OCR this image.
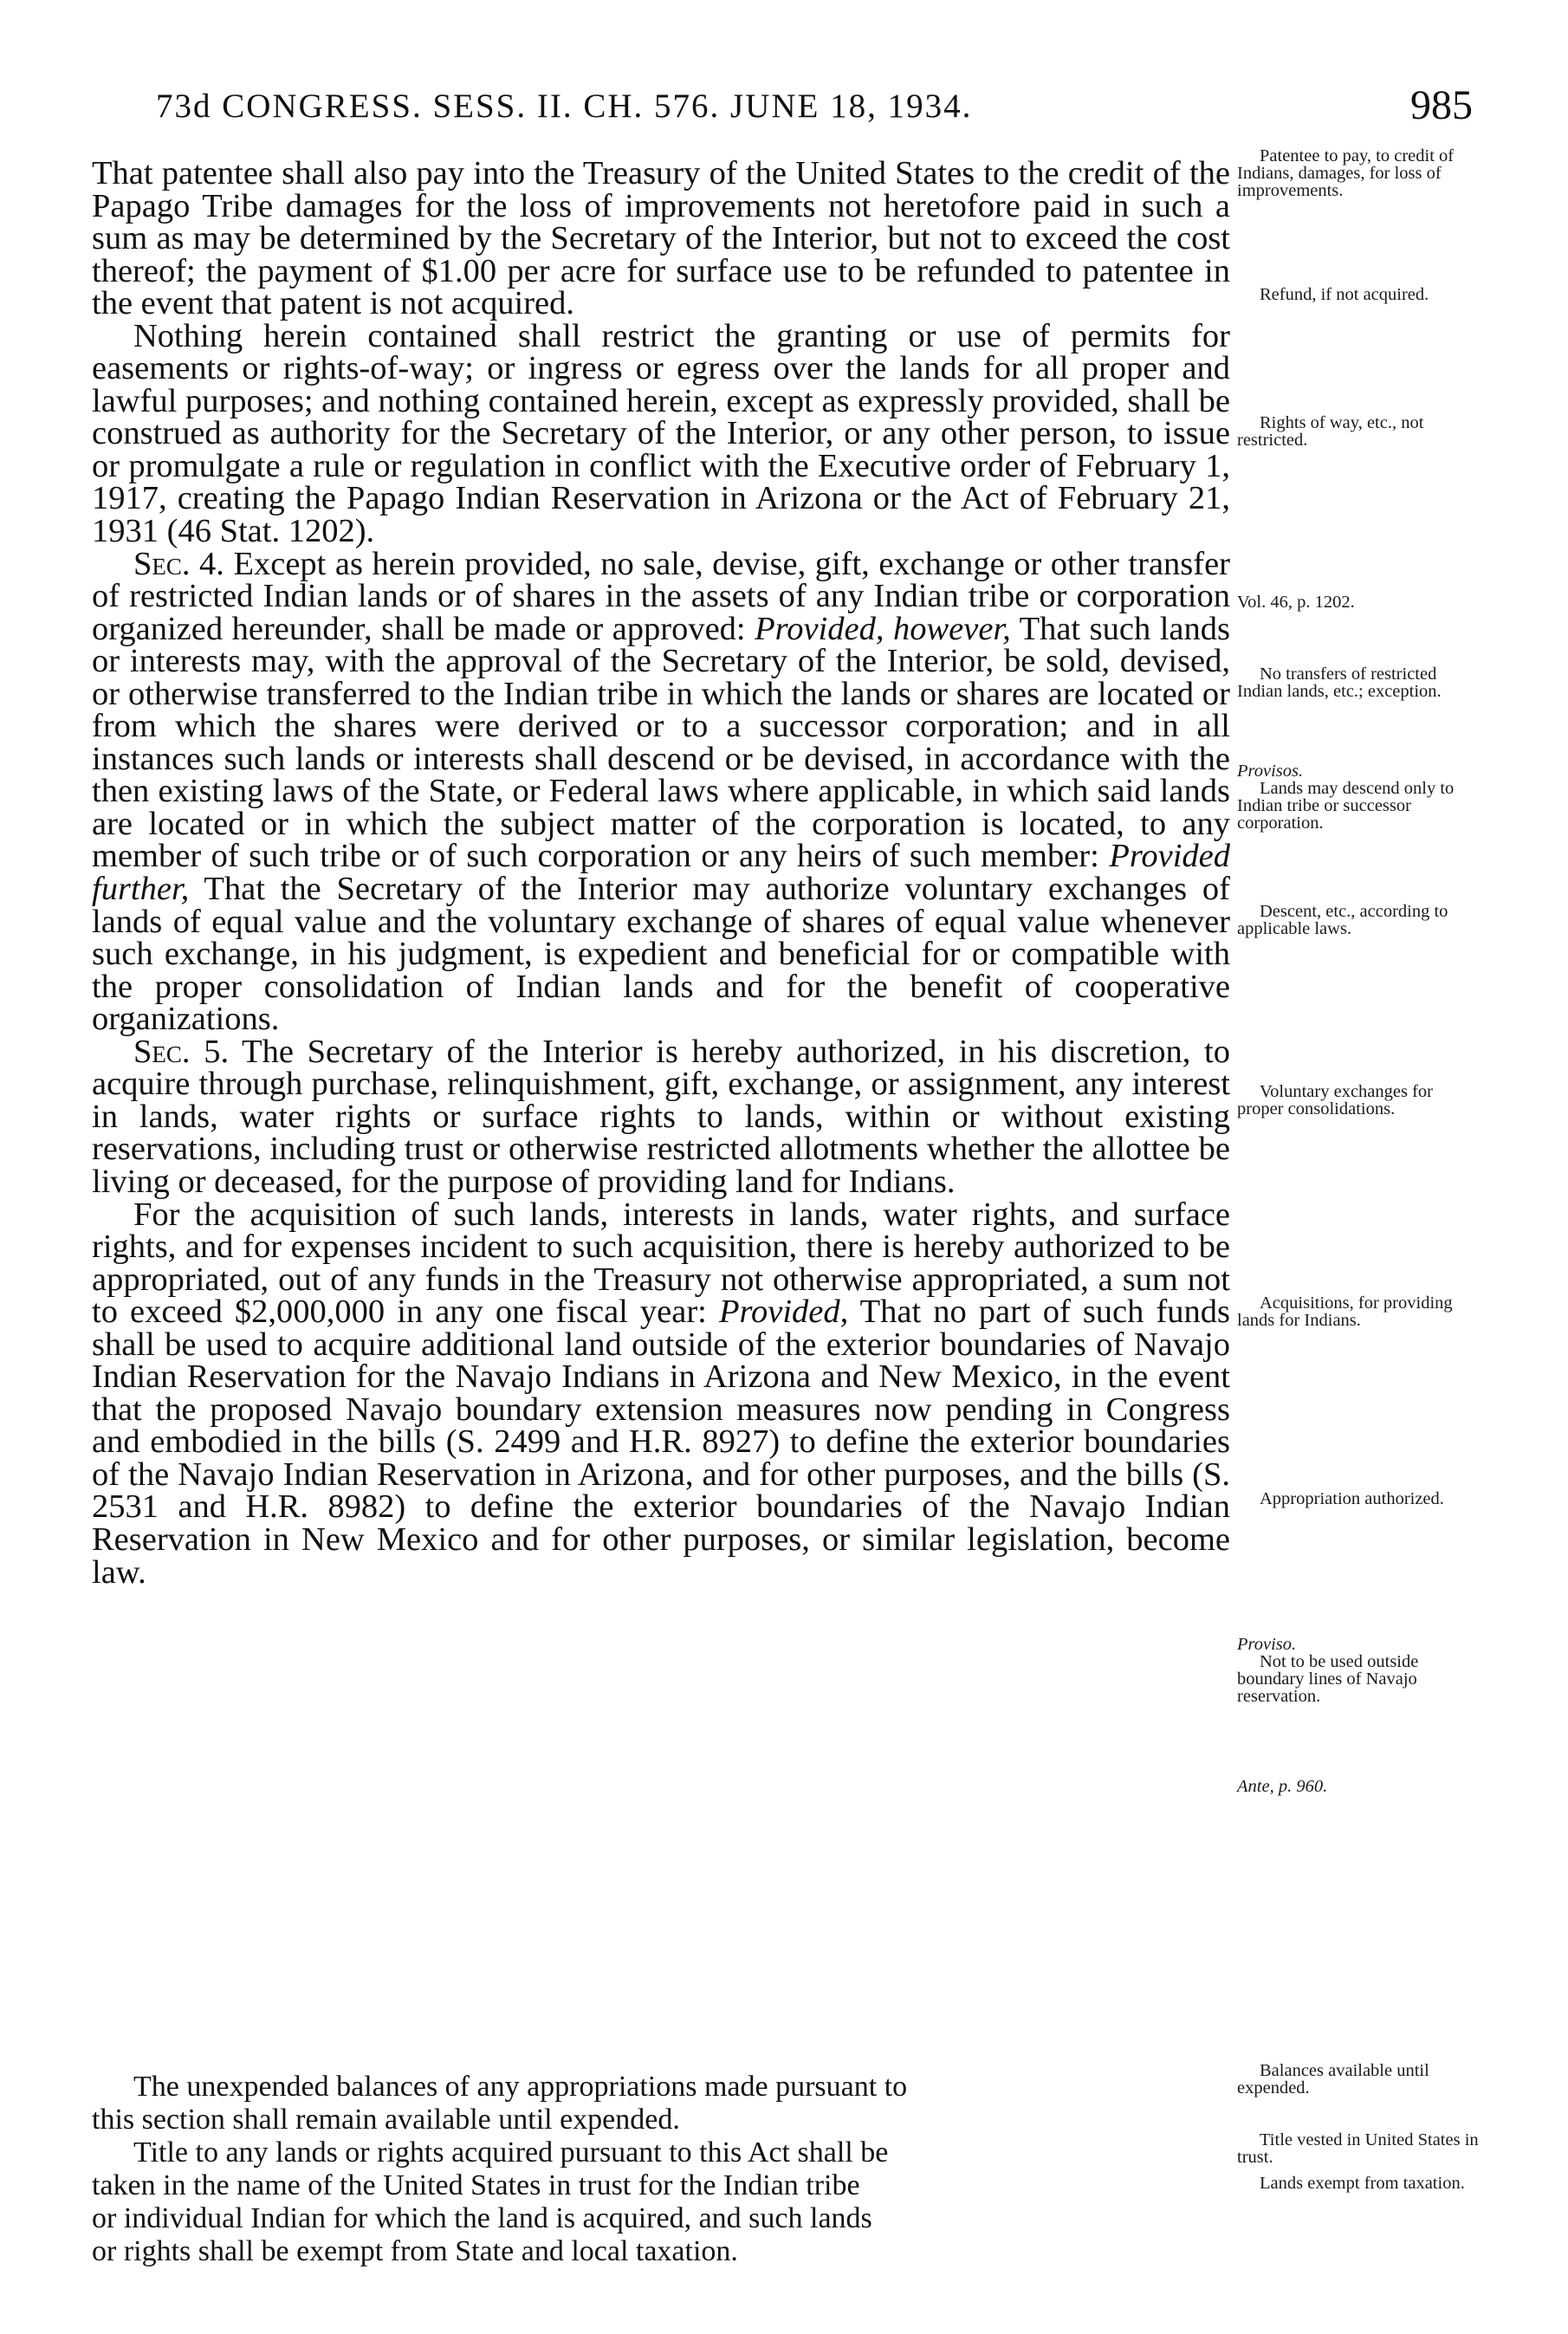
73d CONGRESS. SESS. II. CH. 576. JUNE 18, 1934.	985

That patentee shall also pay into the Treasury of the United States to the credit of the Papago Tribe damages for the loss of improvements not heretofore paid in such a sum as may be determined by the Secretary of the Interior, but not to exceed the cost thereof; the payment of $1.00 per acre for surface use to be refunded to patentee in the event that patent is not acquired.

Nothing herein contained shall restrict the granting or use of permits for easements or rights-of-way; or ingress or egress over the lands for all proper and lawful purposes; and nothing contained herein, except as expressly provided, shall be construed as authority for the Secretary of the Interior, or any other person, to issue or promulgate a rule or regulation in conflict with the Executive order of February 1, 1917, creating the Papago Indian Reservation in Arizona or the Act of February 21, 1931 (46 Stat. 1202).

Sec. 4. Except as herein provided, no sale, devise, gift, exchange or other transfer of restricted Indian lands or of shares in the assets of any Indian tribe or corporation organized hereunder, shall be made or approved: Provided, however, That such lands or interests may, with the approval of the Secretary of the Interior, be sold, devised, or otherwise transferred to the Indian tribe in which the lands or shares are located or from which the shares were derived or to a successor corporation; and in all instances such lands or interests shall descend or be devised, in accordance with the then existing laws of the State, or Federal laws where applicable, in which said lands are located or in which the subject matter of the corporation is located, to any member of such tribe or of such corporation or any heirs of such member: Provided further, That the Secretary of the Interior may authorize voluntary exchanges of lands of equal value and the voluntary exchange of shares of equal value whenever such exchange, in his judgment, is expedient and beneficial for or compatible with the proper consolidation of Indian lands and for the benefit of cooperative organizations.

Sec. 5. The Secretary of the Interior is hereby authorized, in his discretion, to acquire through purchase, relinquishment, gift, exchange, or assignment, any interest in lands, water rights or surface rights to lands, within or without existing reservations, including trust or otherwise restricted allotments whether the allottee be living or deceased, for the purpose of providing land for Indians.

For the acquisition of such lands, interests in lands, water rights, and surface rights, and for expenses incident to such acquisition, there is hereby authorized to be appropriated, out of any funds in the Treasury not otherwise appropriated, a sum not to exceed $2,000,000 in any one fiscal year: Provided, That no part of such funds shall be used to acquire additional land outside of the exterior boundaries of Navajo Indian Reservation for the Navajo Indians in Arizona and New Mexico, in the event that the proposed Navajo boundary extension measures now pending in Congress and embodied in the bills (S. 2499 and H.R. 8927) to define the exterior boundaries of the Navajo Indian Reservation in Arizona, and for other purposes, and the bills (S. 2531 and H.R. 8982) to define the exterior boundaries of the Navajo Indian Reservation in New Mexico and for other purposes, or similar legislation, become law.

The unexpended balances of any appropriations made pursuant to
this section shall remain available until expended.
Title to any lands or rights acquired pursuant to this Act shall be
taken in the name of the United States in trust for the Indian tribe
or individual Indian for which the land is acquired, and such lands
or rights shall be exempt from State and local taxation.
Patentee to pay, to credit of Indians, damages, for loss of improvements.
Refund, if not acquired.
Rights of way, etc., not restricted.
Vol. 46, p. 1202.
No transfers of restricted Indian lands, etc.; exception.
Provisos.
Lands may descend only to Indian tribe or successor corporation.
Descent, etc., according to applicable laws.
Voluntary exchanges for proper consolidations.
Acquisitions, for providing lands for Indians.
Appropriation authorized.
Proviso.
Not to be used outside boundary lines of Navajo reservation.
Ante, p. 960.
Balances available until expended.
Title vested in United States in trust.
Lands exempt from taxation.
